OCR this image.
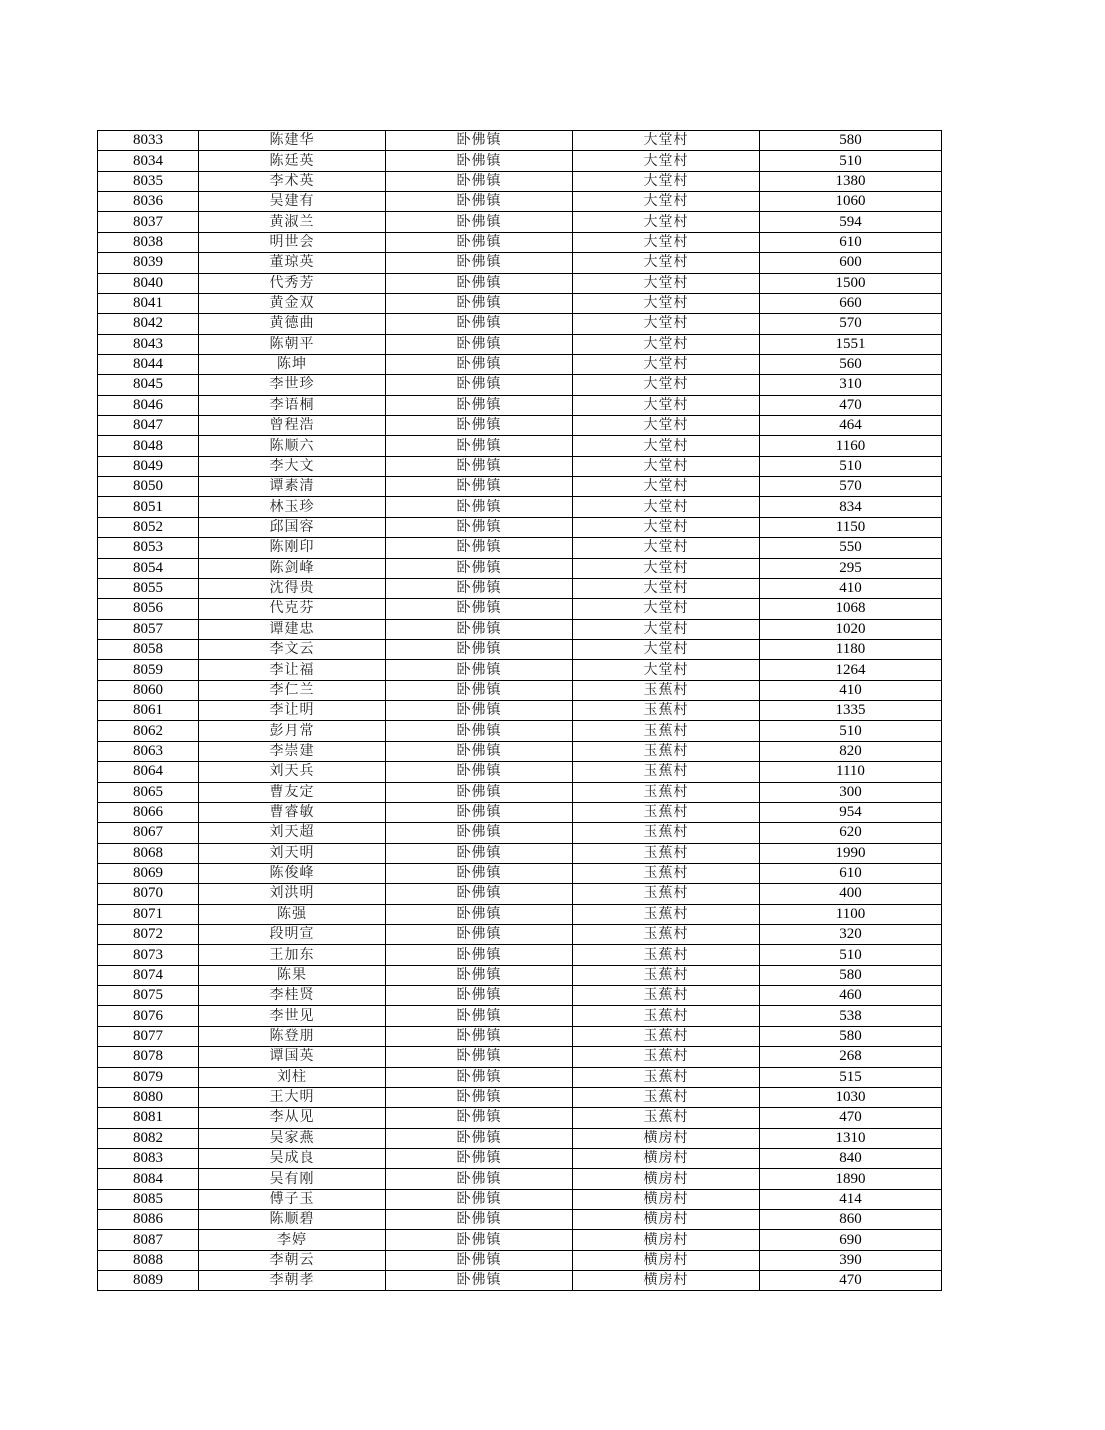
8033	陈建华	卧佛镇	大堂村	580
8034	陈廷英	卧佛镇	大堂村	510
8035	李术英	卧佛镇	大堂村	1380
8036	吴建有	卧佛镇	大堂村	1060
8037	黄淑兰	卧佛镇	大堂村	594
8038	明世会	卧佛镇	大堂村	610
8039	董琼英	卧佛镇	大堂村	600
8040	代秀芳	卧佛镇	大堂村	1500
8041	黄金双	卧佛镇	大堂村	660
8042	黄德曲	卧佛镇	大堂村	570
8043	陈朝平	卧佛镇	大堂村	1551
8044	陈坤	卧佛镇	大堂村	560
8045	李世珍	卧佛镇	大堂村	310
8046	李语桐	卧佛镇	大堂村	470
8047	曾程浩	卧佛镇	大堂村	464
8048	陈顺六	卧佛镇	大堂村	1160
8049	李大文	卧佛镇	大堂村	510
8050	谭素清	卧佛镇	大堂村	570
8051	林玉珍	卧佛镇	大堂村	834
8052	邱国容	卧佛镇	大堂村	1150
8053	陈刚印	卧佛镇	大堂村	550
8054	陈剑峰	卧佛镇	大堂村	295
8055	沈得贵	卧佛镇	大堂村	410
8056	代克芬	卧佛镇	大堂村	1068
8057	谭建忠	卧佛镇	大堂村	1020
8058	李文云	卧佛镇	大堂村	1180
8059	李让福	卧佛镇	大堂村	1264
8060	李仁兰	卧佛镇	玉蕉村	410
8061	李让明	卧佛镇	玉蕉村	1335
8062	彭月常	卧佛镇	玉蕉村	510
8063	李崇建	卧佛镇	玉蕉村	820
8064	刘天兵	卧佛镇	玉蕉村	1110
8065	曹友定	卧佛镇	玉蕉村	300
8066	曹睿敏	卧佛镇	玉蕉村	954
8067	刘天超	卧佛镇	玉蕉村	620
8068	刘天明	卧佛镇	玉蕉村	1990
8069	陈俊峰	卧佛镇	玉蕉村	610
8070	刘洪明	卧佛镇	玉蕉村	400
8071	陈强	卧佛镇	玉蕉村	1100
8072	段明宣	卧佛镇	玉蕉村	320
8073	王加东	卧佛镇	玉蕉村	510
8074	陈果	卧佛镇	玉蕉村	580
8075	李桂贤	卧佛镇	玉蕉村	460
8076	李世见	卧佛镇	玉蕉村	538
8077	陈登朋	卧佛镇	玉蕉村	580
8078	谭国英	卧佛镇	玉蕉村	268
8079	刘柱	卧佛镇	玉蕉村	515
8080	王大明	卧佛镇	玉蕉村	1030
8081	李从见	卧佛镇	玉蕉村	470
8082	吴家燕	卧佛镇	横房村	1310
8083	吴成良	卧佛镇	横房村	840
8084	吴有刚	卧佛镇	横房村	1890
8085	傅子玉	卧佛镇	横房村	414
8086	陈顺碧	卧佛镇	横房村	860
8087	李婷	卧佛镇	横房村	690
8088	李朝云	卧佛镇	横房村	390
8089	李朝孝	卧佛镇	横房村	470
